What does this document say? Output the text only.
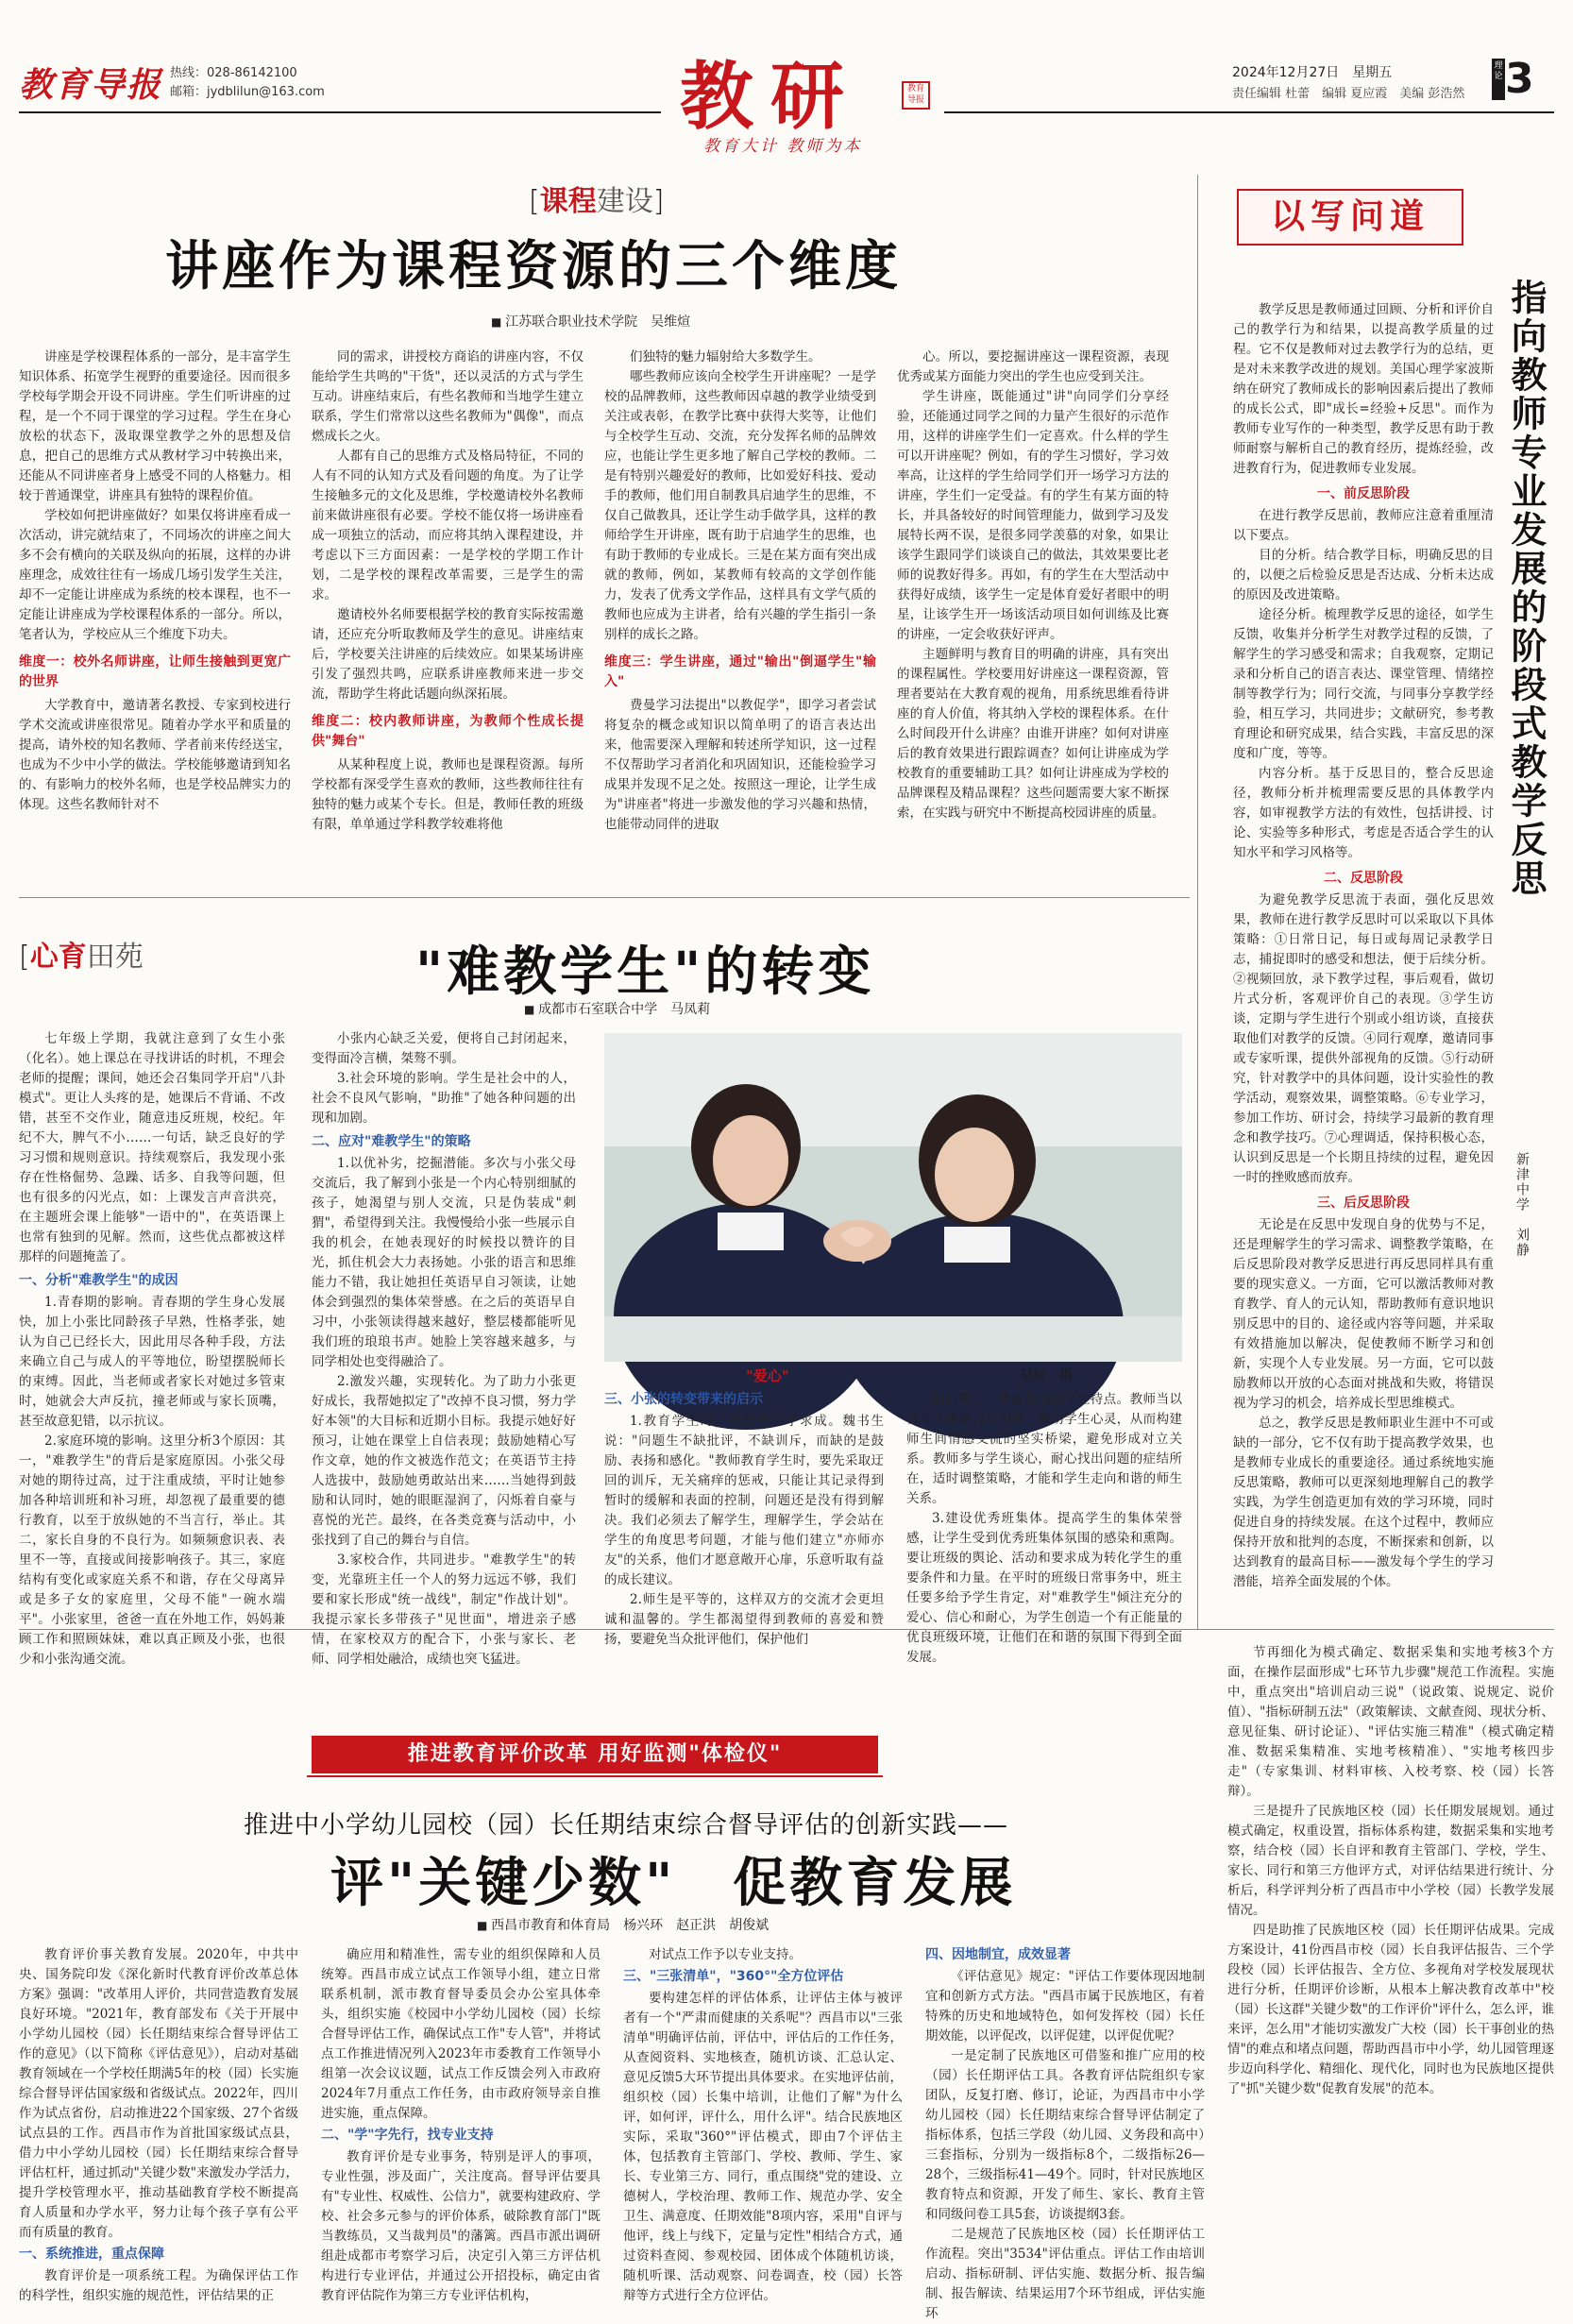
教育导报 热线：028-86142100
邮箱：jydblilun@163.com	教研	教育导报
教育大计 教师为本
2024年12月27日　星期五
责任编辑 杜蕾　编辑 夏应霞　美编 彭浩然
理论 3
[课程建设]
讲座作为课程资源的三个维度
■ 江苏联合职业技术学院　吴维煊

讲座是学校课程体系的一部分，是丰富学生知识体系、拓宽学生视野的重要途径。因而很多学校每学期会开设不同讲座。学生们听讲座的过程，是一个不同于课堂的学习过程。学生在身心放松的状态下，汲取课堂教学之外的思想及信息，把自己的思维方式从教材学习中转换出来，还能从不同讲座者身上感受不同的人格魅力。相较于普通课堂，讲座具有独特的课程价值。

学校如何把讲座做好？如果仅将讲座看成一次活动，讲完就结束了，不同场次的讲座之间大多不会有横向的关联及纵向的拓展，这样的办讲座理念，成效往往有一场成几场引发学生关注，却不一定能让讲座成为系统的校本课程，也不一定能让讲座成为学校课程体系的一部分。所以，笔者认为，学校应从三个维度下功夫。

维度一：校外名师讲座，让师生接触到更宽广的世界

大学教育中，邀请著名教授、专家到校进行学术交流或讲座很常见。随着办学水平和质量的提高，请外校的知名教师、学者前来传经送宝，也成为不少中小学的做法。学校能够邀请到知名的、有影响力的校外名师，也是学校品牌实力的体现。这些名教师针对不

同的需求，讲授校方商谄的讲座内容，不仅能给学生共鸣的"干货"，还以灵活的方式与学生互动。讲座结束后，有些名教师和当地学生建立联系，学生们常常以这些名教师为"偶像"，而点燃成长之火。

人都有自己的思维方式及格局特征，不同的人有不同的认知方式及看问题的角度。为了让学生接触多元的文化及思维，学校邀请校外名教师前来做讲座很有必要。学校不能仅将一场讲座看成一项独立的活动，而应将其纳入课程建设，并考虑以下三方面因素：一是学校的学期工作计划，二是学校的课程改革需要，三是学生的需求。

邀请校外名师要根据学校的教育实际按需邀请，还应充分听取教师及学生的意见。讲座结束后，学校要关注讲座的后续效应。如果某场讲座引发了强烈共鸣，应联系讲座教师来进一步交流，帮助学生将此话题向纵深拓展。

维度二：校内教师讲座，为教师个性成长提供"舞台"

从某种程度上说，教师也是课程资源。每所学校都有深受学生喜欢的教师，这些教师往往有独特的魅力或某个专长。但是，教师任教的班级有限，单单通过学科教学较难将他

们独特的魅力辐射给大多数学生。

哪些教师应该向全校学生开讲座呢？一是学校的品牌教师，这些教师因卓越的教学业绩受到关注或表彰，在教学比赛中获得大奖等，让他们与全校学生互动、交流，充分发挥名师的品牌效应，也能让学生更多地了解自己学校的教师。二是有特别兴趣爱好的教师，比如爱好科技、爱动手的教师，他们用自制教具启迪学生的思维，不仅自己做教具，还让学生动手做学具，这样的教师给学生开讲座，既有助于启迪学生的思维，也有助于教师的专业成长。三是在某方面有突出成就的教师，例如，某教师有较高的文学创作能力，发表了优秀文学作品，这样具有文学气质的教师也应成为主讲者，给有兴趣的学生指引一条别样的成长之路。

维度三：学生讲座，通过"输出"倒逼学生"输入"

费曼学习法提出"以教促学"，即学习者尝试将复杂的概念或知识以简单明了的语言表达出来，他需要深入理解和转述所学知识，这一过程不仅帮助学习者消化和巩固知识，还能检验学习成果并发现不足之处。按照这一理论，让学生成为"讲座者"将进一步激发他的学习兴趣和热情，也能带动同伴的进取

心。所以，要挖掘讲座这一课程资源，表现优秀或某方面能力突出的学生也应受到关注。

学生讲座，既能通过"讲"向同学们分享经验，还能通过同学之间的力量产生很好的示范作用，这样的讲座学生们一定喜欢。什么样的学生可以开讲座呢？例如，有的学生习惯好，学习效率高，让这样的学生给同学们开一场学习方法的讲座，学生们一定受益。有的学生有某方面的特长，并具备较好的时间管理能力，做到学习及发展特长两不误，是很多同学羡慕的对象，如果让该学生跟同学们谈谈自己的做法，其效果要比老师的说教好得多。再如，有的学生在大型活动中获得好成绩，该学生一定是体育爱好者眼中的明星，让该学生开一场该活动项目如何训练及比赛的讲座，一定会收获好评声。

主题鲜明与教育目的明确的讲座，具有突出的课程属性。学校要用好讲座这一课程资源，管理者要站在大教育观的视角，用系统思维看待讲座的育人价值，将其纳入学校的课程体系。在什么时间段开什么讲座？由谁开讲座？如何对讲座后的教育效果进行跟踪调查？如何让讲座成为学校教育的重要辅助工具？如何让讲座成为学校的品牌课程及精品课程？这些问题需要大家不断探索，在实践与研究中不断提高校园讲座的质量。

以写问道
指向教师专业发展的阶段式教学反思
新津中学　刘静

教学反思是教师通过回顾、分析和评价自己的教学行为和结果，以提高教学质量的过程。它不仅是教师对过去教学行为的总结，更是对未来教学改进的规划。美国心理学家波斯纳在研究了教师成长的影响因素后提出了教师的成长公式，即"成长=经验+反思"。而作为教师专业写作的一种类型，教学反思有助于教师耐察与解析自己的教育经历，提炼经验，改进教育行为，促进教师专业发展。

一、前反思阶段

在进行教学反思前，教师应注意着重厘清以下要点。

目的分析。结合教学目标，明确反思的目的，以便之后检验反思是否达成、分析未达成的原因及改进策略。

途径分析。梳理教学反思的途径，如学生反馈，收集并分析学生对教学过程的反馈，了解学生的学习感受和需求；自我观察，定期记录和分析自己的语言表达、课堂管理、情绪控制等教学行为；同行交流，与同事分享教学经验，相互学习，共同进步；文献研究，参考教育理论和研究成果，结合实践，丰富反思的深度和广度，等等。

内容分析。基于反思目的，整合反思途径，教师分析并梳理需要反思的具体教学内容，如审视教学方法的有效性，包括讲授、讨论、实验等多种形式，考虑是否适合学生的认知水平和学习风格等。

二、反思阶段

为避免教学反思流于表面，强化反思效果，教师在进行教学反思时可以采取以下具体策略：①日常日记，每日或每周记录教学日志，捕捉即时的感受和想法，便于后续分析。②视频回放，录下教学过程，事后观看，做切片式分析，客观评价自己的表现。③学生访谈，定期与学生进行个别或小组访谈，直接获取他们对教学的反馈。④同行观摩，邀请同事或专家听课，提供外部视角的反馈。⑤行动研究，针对教学中的具体问题，设计实验性的教学活动，观察效果，调整策略。⑥专业学习，参加工作坊、研讨会，持续学习最新的教育理念和教学技巧。⑦心理调适，保持积极心态，认识到反思是一个长期且持续的过程，避免因一时的挫败感而放弃。

三、后反思阶段

无论是在反思中发现自身的优势与不足，还是理解学生的学习需求、调整教学策略，在后反思阶段对教学反思进行再反思同样具有重要的现实意义。一方面，它可以激活教师对教育教学、育人的元认知，帮助教师有意识地识别反思中的目的、途径或内容等问题，并采取有效措施加以解决，促使教师不断学习和创新，实现个人专业发展。另一方面，它可以鼓励教师以开放的心态面对挑战和失败，将错误视为学习的机会，培养成长型思维模式。

总之，教学反思是教师职业生涯中不可或缺的一部分，它不仅有助于提高教学效果，也是教师专业成长的重要途径。通过系统地实施反思策略，教师可以更深刻地理解自己的教学实践，为学生创造更加有效的学习环境，同时促进自身的持续发展。在这个过程中，教师应保持开放和批判的态度，不断探索和创新，以达到教育的最高目标——激发每个学生的学习潜能，培养全面发展的个体。

[心育田苑	"难教学生"的转变
■ 成都市石室联合中学　马凤莉

七年级上学期，我就注意到了女生小张（化名）。她上课总在寻找讲话的时机，不理会老师的提醒；课间，她还会召集同学开启"八卦模式"。更让人头疼的是，她课后不背诵、不改错，甚至不交作业，随意违反班规，校纪。年纪不大，脾气不小……一句话，缺乏良好的学习习惯和规则意识。持续观察后，我发现小张存在性格倔势、急躁、话多、自我等问题，但也有很多的闪光点，如：上课发言声音洪亮，在主题班会课上能够"一语中的"，在英语课上也常有独到的见解。然而，这些优点都被这样那样的问题掩盖了。

一、分析"难教学生"的成因

1.青春期的影响。青春期的学生身心发展快，加上小张比同龄孩子早熟，性格孝张，她认为自己已经长大，因此用尽各种手段，方法来确立自己与成人的平等地位，盼望摆脱师长的束缚。因此，当老师或者家长对她过多管束时，她就会大声反抗，撞老师或与家长顶嘴，甚至故意犯错，以示抗议。

2.家庭环境的影响。这里分析3个原因：其一，"难教学生"的背后是家庭原因。小张父母对她的期待过高，过于注重成绩，平时让她参加各种培训班和补习班，却忽视了最重要的德行教育，以至于放纵她的不当言行，举止。其二，家长自身的不良行为。如频频愈识表、表里不一等，直接或间接影响孩子。其三，家庭结构有变化或家庭关系不和谐，存在父母离异或是多子女的家庭里，父母不能"一碗水端平"。小张家里，爸爸一直在外地工作，妈妈兼顾工作和照顾妹妹，难以真正顾及小张，也很少和小张沟通交流。

小张内心缺乏关爱，便将自己封闭起来，变得面冷言横，桀骜不驯。

3.社会环境的影响。学生是社会中的人，社会不良风气影响，"助推"了她各种问题的出现和加剧。

二、应对"难教学生"的策略

1.以优补劣，挖掘潜能。多次与小张父母交流后，我了解到小张是一个内心特别细腻的孩子，她渴望与别人交流，只是伪装成"刺猬"，希望得到关注。我慢慢给小张一些展示自我的机会，在她表现好的时候投以赞许的目光，抓住机会大力表扬她。小张的语言和思维能力不错，我让她担任英语早自习领读，让她体会到强烈的集体荣誉感。在之后的英语早自习中，小张领读得越来越好，整层楼都能听见我们班的琅琅书声。她脸上笑容越来越多，与同学相处也变得融洽了。

2.激发兴趣，实现转化。为了助力小张更好成长，我帮她拟定了"改掉不良习惯，努力学好本领"的大目标和近期小目标。我提示她好好预习，让她在课堂上自信表现；鼓励她精心写作文章，她的作文被选作范文；在英语节主持人选拔中，鼓励她勇敢站出来……当她得到鼓励和认同时，她的眼眶湿润了，闪烁着自豪与喜悦的光芒。最终，在各类竞赛与活动中，小张找到了自己的舞台与自信。

3.家校合作，共同进步。"难教学生"的转变，光靠班主任一个人的努力远远不够，我们要和家长形成"统一战线"，制定"作战计划"。我提示家长多带孩子"见世面"，增进亲子感情，在家校双方的配合下，小张与家长、老师、同学相处融洽，成绩也突飞猛进。

"爱心"	星辰　摄

三、小张的转变带来的启示

1.教育学生时，不过于急于求成。魏书生说："问题生不缺批评，不缺训斥，而缺的是鼓励、表扬和感化。"教师教育学生时，要先采取迂回的训斥，无关痛痒的惩戒，只能让其记录得到暂时的缓解和表面的控制，问题还是没有得到解决。我们必须去了解学生，理解学生，学会站在学生的角度思考问题，才能与他们建立"亦师亦友"的关系，他们才愿意敞开心扉，乐意听取有益的成长建议。

2.师生是平等的，这样双方的交流才会更坦诚和温馨的。学生都渴望得到教师的喜爱和赞扬，要避免当众批评他们，保护他们

的自尊心，尊重他们的个性特点。教师当以自身人格魅力为引领，触动学生心灵，从而构建师生间情感交流的坚实桥梁，避免形成对立关系。教师多与学生谈心，耐心找出问题的症结所在，适时调整策略，才能和学生走向和谐的师生关系。

3.建设优秀班集体。提高学生的集体荣誉感，让学生受到优秀班集体氛围的感染和熏陶。要让班级的舆论、活动和要求成为转化学生的重要条件和力量。在平时的班级日常事务中，班主任要多给予学生肯定，对"难教学生"倾注充分的爱心、信心和耐心，为学生创造一个有正能量的优良班级环境，让他们在和谐的氛围下得到全面发展。

推进教育评价改革 用好监测"体检仪"
推进中小学幼儿园校（园）长任期结束综合督导评估的创新实践——
评"关键少数"　 促教育发展
■ 西昌市教育和体育局　杨兴环　赵正洪　胡俊斌

教育评价事关教育发展。2020年，中共中央、国务院印发《深化新时代教育评价改革总体方案》强调："改革用人评价，共同营造教育发展良好环境。"2021年，教育部发布《关于开展中小学幼儿园校（园）长任期结束综合督导评估工作的意见》（以下简称《评估意见》），启动对基础教育领域在一个学校任期满5年的校（园）长实施综合督导评估国家级和省级试点。2022年，四川作为试点省份，启动推进22个国家级、27个省级试点县的工作。西昌市作为首批国家级试点县，借力中小学幼儿园校（园）长任期结束综合督导评估杠杆，通过抓动"关键少数"来激发办学活力，提升学校管理水平，推动基础教育学校不断提高育人质量和办学水平，努力让每个孩子享有公平而有质量的教育。

一、系统推进，重点保障

教育评价是一项系统工程。为确保评估工作的科学性，组织实施的规范性，评估结果的正

确应用和精准性，需专业的组织保障和人员统筹。西昌市成立试点工作领导小组，建立日常联系机制，派市教育督导委员会办公室具体牵头，组织实施《校园中小学幼儿园校（园）长综合督导评估工作，确保试点工作"专人管"，并将试点工作推进情况列入2023年市委教育工作领导小组第一次会议议题，试点工作反馈会列入市政府2024年7月重点工作任务，由市政府领导亲自推进实施，重点保障。

二、"学"字先行，找专业支持

教育评价是专业事务，特别是评人的事项，专业性强，涉及面广，关注度高。督导评估要具有"专业性、权威性、公信力"，就要构建政府、学校、社会多元参与的评价体系，破除教育部门"既当教练员，又当裁判员"的藩篱。西昌市派出调研组赴成都市考察学习后，决定引入第三方评估机构进行专业评估，并通过公开招投标，确定由省教育评估院作为第三方专业评估机构，

对试点工作予以专业支持。

三、"三张清单"，"360°"全方位评估

要构建怎样的评估体系，让评估主体与被评者有一个"严肃而健康的关系呢"？西昌市以"三张清单"明确评估前，评估中，评估后的工作任务，从查阅资料、实地核查，随机访谈、汇总认定、意见反馈5大环节提出具体要求。在实地评估前，组织校（园）长集中培训，让他们了解"为什么评，如何评，评什么，用什么评"。结合民族地区实际，采取"360°"评估模式，即由7个评估主体，包括教育主管部门、学校、教师、学生、家长、专业第三方、同行，重点围绕"党的建设、立德树人，学校治理、教师工作、规范办学、安全卫生、满意度、任期效能"8项内容，采用"自评与他评，线上与线下，定量与定性"相结合方式，通过资料查阅、参观校园、团体成个体随机访谈，随机听课、活动观察、问卷调查，校（园）长答辩等方式进行全方位评估。

四、因地制宜，成效显著

《评估意见》规定："评估工作要体现因地制宜和创新方式方法。"西昌市属于民族地区，有着特殊的历史和地域特色，如何发挥校（园）长任期效能，以评促改，以评促建，以评促优呢？

一是定制了民族地区可借鉴和推广应用的校（园）长任期评估工具。各教育评估院组织专家团队，反复打磨、修订，论证，为西昌市中小学幼儿园校（园）长任期结束综合督导评估制定了指标体系，包括三学段（幼儿园、义务段和高中）三套指标，分别为一级指标8个，二级指标26—28个，三级指标41—49个。同时，针对民族地区教育特点和资源，开发了师生、家长、教育主管和同级问卷工具5套，访谈提纲3套。

二是规范了民族地区校（园）长任期评估工作流程。突出"3534"评估重点。评估工作由培训启动、指标研制、评估实施、数据分析、报告编制、报告解读、结果运用7个环节组成，评估实施环

节再细化为模式确定、数据采集和实地考核3个方面，在操作层面形成"七环节九步骤"规范工作流程。实施中，重点突出"培训启动三说"（说政策、说规定、说价值）、"指标研制五法"（政策解读、文献查阅、现状分析、意见征集、研讨论证）、"评估实施三精准"（模式确定精准、数据采集精准、实地考核精准）、"实地考核四步走"（专家集训、材料审核、入校考察、校（园）长答辩）。

三是提升了民族地区校（园）长任期发展规划。通过模式确定，权重设置，指标体系构建，数据采集和实地考察，结合校（园）长自评和教育主管部门、学校，学生、家长、同行和第三方他评方式，对评估结果进行统计、分析后，科学评判分析了西昌市中小学校（园）长教学发展情况。

四是助推了民族地区校（园）长任期评估成果。完成方案设计，41份西昌市校（园）长自我评估报告、三个学段校（园）长评估报告、全方位、多视角对学校发展现状进行分析，任期评价诊断，从根本上解决教育改革中"校（园）长这群"关键少数"的工作评价"评什么，怎么评，谁来评，怎么用"才能切实激发广大校（园）长干事创业的热情"的难点和堵点问题，帮助西昌市中小学，幼儿园管理逐步迈向科学化、精细化、现代化，同时也为民族地区提供了"抓"关键少数"促教育发展"的范本。
